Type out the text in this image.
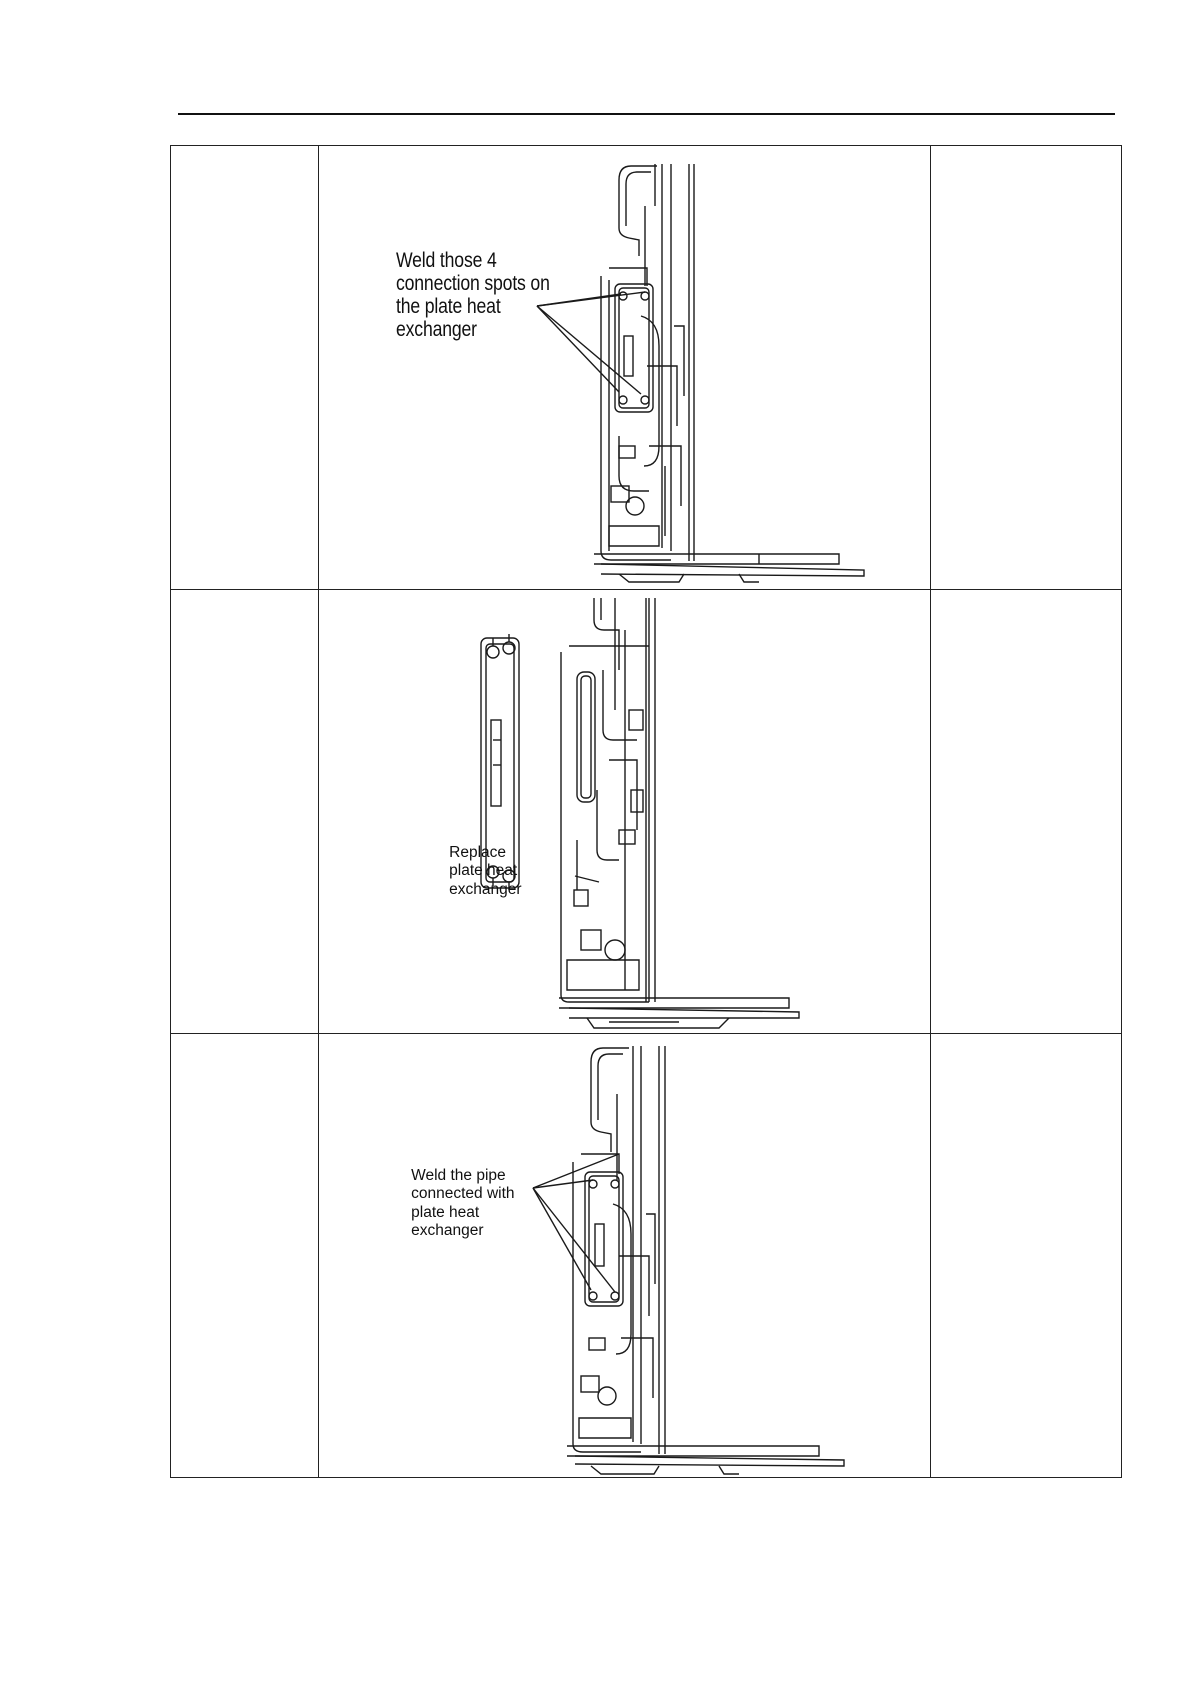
	Weld those 4
connection spots on
the plate heat
exchanger	

	Replace
plate heat
exchanger	

	Weld the pipe
connected with
plate heat
exchanger	
